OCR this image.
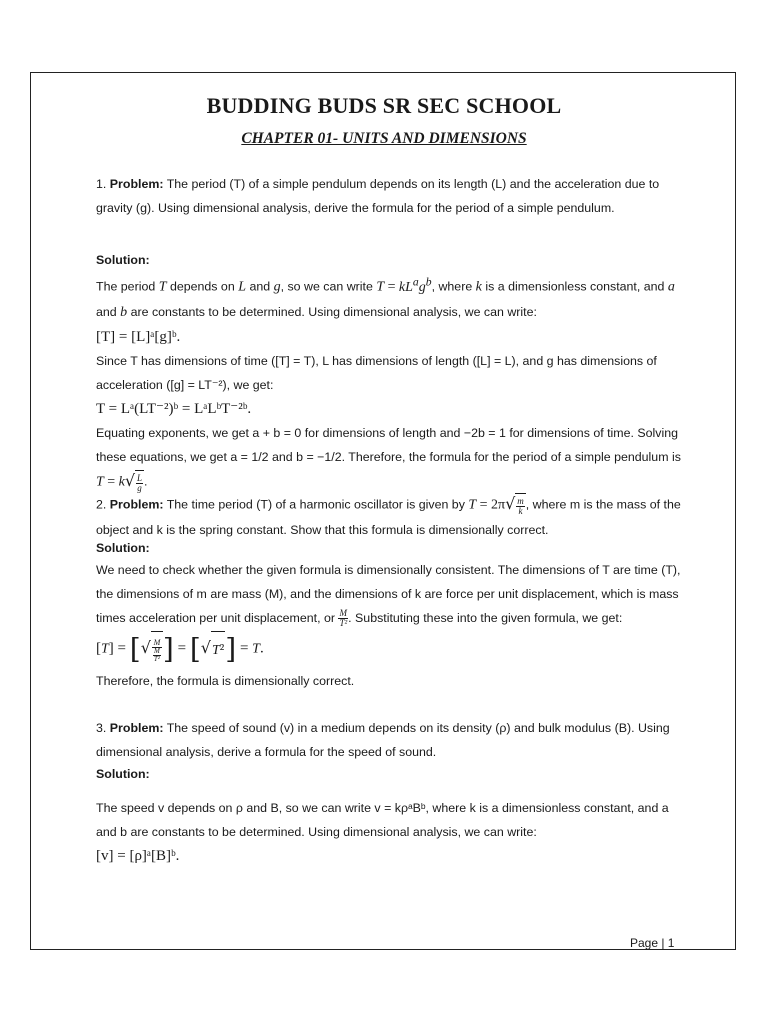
BUDDING BUDS SR SEC SCHOOL
CHAPTER 01- UNITS AND DIMENSIONS

1. Problem: The period (T) of a simple pendulum depends on its length (L) and the acceleration due to gravity (g). Using dimensional analysis, derive the formula for the period of a simple pendulum.

Solution:

The period T depends on L and g, so we can write $T = kL^ag^b$, where k is a dimensionless constant, and a and b are constants to be determined. Using dimensional analysis, we can write:

[T] = [L]ᵃ[g]ᵇ.

Since T has dimensions of time ([T] = T), L has dimensions of length ([L] = L), and g has dimensions of acceleration ([g] = LT⁻²), we get:

T = Lᵃ(LT⁻²)ᵇ = LᵃLᵇT⁻²ᵇ.

Equating exponents, we get a + b = 0 for dimensions of length and −2b = 1 for dimensions of time. Solving these equations, we get a = 1/2 and b = −1/2. Therefore, the formula for the period of a simple pendulum is $T = k√ \frac{L}{g}$ .

2. Problem: The time period (T) of a harmonic oscillator is given by $T = 2\pi√ \frac{m}{k}$ , where m is the mass of the object and k is the spring constant. Show that this formula is dimensionally correct.

Solution:

We need to check whether the given formula is dimensionally consistent. The dimensions of T are time (T), the dimensions of m are mass (M), and the dimensions of k are force per unit displacement, which is mass times acceleration per unit displacement, or $\frac{M}{\text{T²}}$ . Substituting these into the given formula, we get:

[T] = [√ $\frac{M}{\frac{M}{\text{T²}}}$ ] = [√T²] = T.

Therefore, the formula is dimensionally correct.

3. Problem: The speed of sound (v) in a medium depends on its density (ρ) and bulk modulus (B). Using dimensional analysis, derive a formula for the speed of sound.

Solution:

The speed v depends on ρ and B, so we can write v = kρᵃBᵇ, where k is a dimensionless constant, and a and b are constants to be determined. Using dimensional analysis, we can write:

[v] = [ρ]ᵃ[B]ᵇ.

Page | 1
